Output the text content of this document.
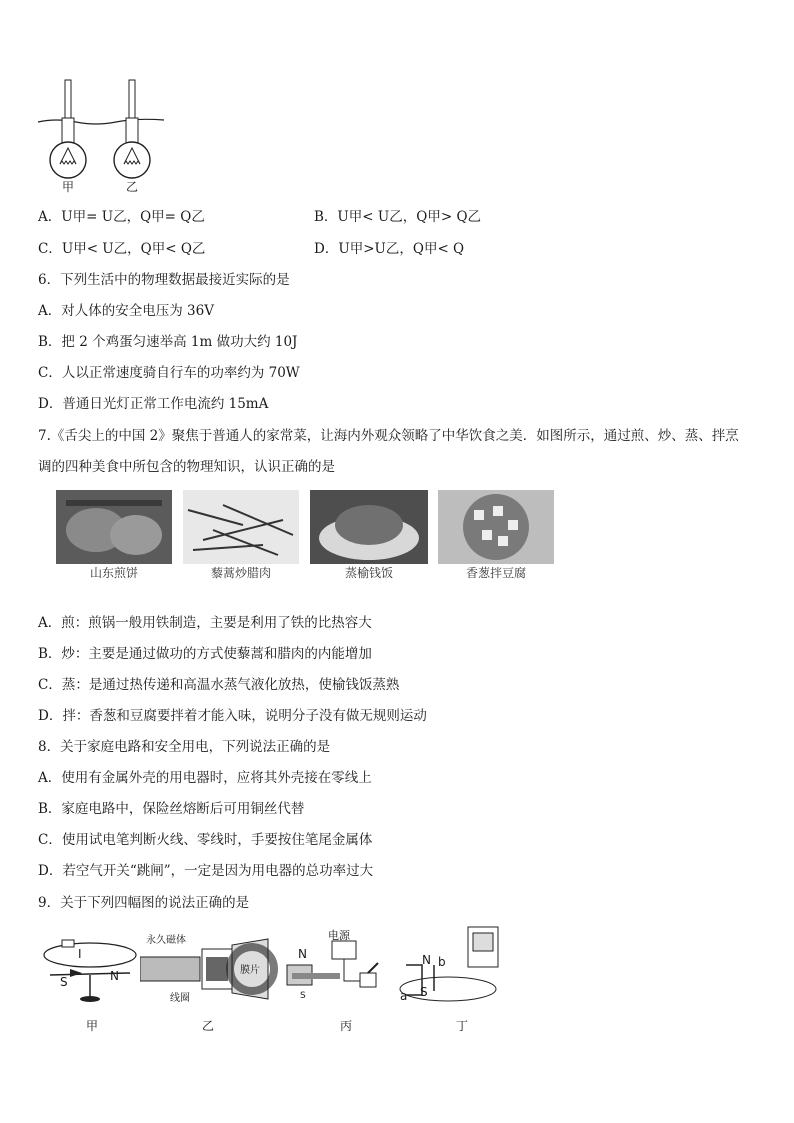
甲	乙
A．U甲= U乙，Q甲= Q乙	B．U甲< U乙，Q甲> Q乙
C．U甲< U乙，Q甲< Q乙	D．U甲>U乙，Q甲< Q
6．下列生活中的物理数据最接近实际的是
A．对人体的安全电压为 36V
B．把 2 个鸡蛋匀速举高 1m 做功大约 10J
C．人以正常速度骑自行车的功率约为 70W
D．普通日光灯正常工作电流约 15mA
7.《舌尖上的中国 2》聚焦于普通人的家常菜，让海内外观众领略了中华饮食之美．如图所示，通过煎、炒、蒸、拌烹
调的四种美食中所包含的物理知识，认识正确的是
山东煎饼	藜蒿炒腊肉	蒸榆钱饭	香葱拌豆腐
A．煎：煎锅一般用铁制造，主要是利用了铁的比热容大
B．炒：主要是通过做功的方式使藜蒿和腊肉的内能增加
C．蒸：是通过热传递和高温水蒸气液化放热，使榆钱饭蒸熟
D．拌：香葱和豆腐要拌着才能入味，说明分子没有做无规则运动
8．关于家庭电路和安全用电，下列说法正确的是
A．使用有金属外壳的用电器时，应将其外壳接在零线上
B．家庭电路中，保险丝熔断后可用铜丝代替
C．使用试电笔判断火线、零线时，手要按住笔尾金属体
D．若空气开关“跳闸”，一定是因为用电器的总功率过大
9．关于下列四幅图的说法正确的是
I
S	N
甲
永久磁体
线圈
膜片
乙
电源
N
S
丙
N b
a S
丁
